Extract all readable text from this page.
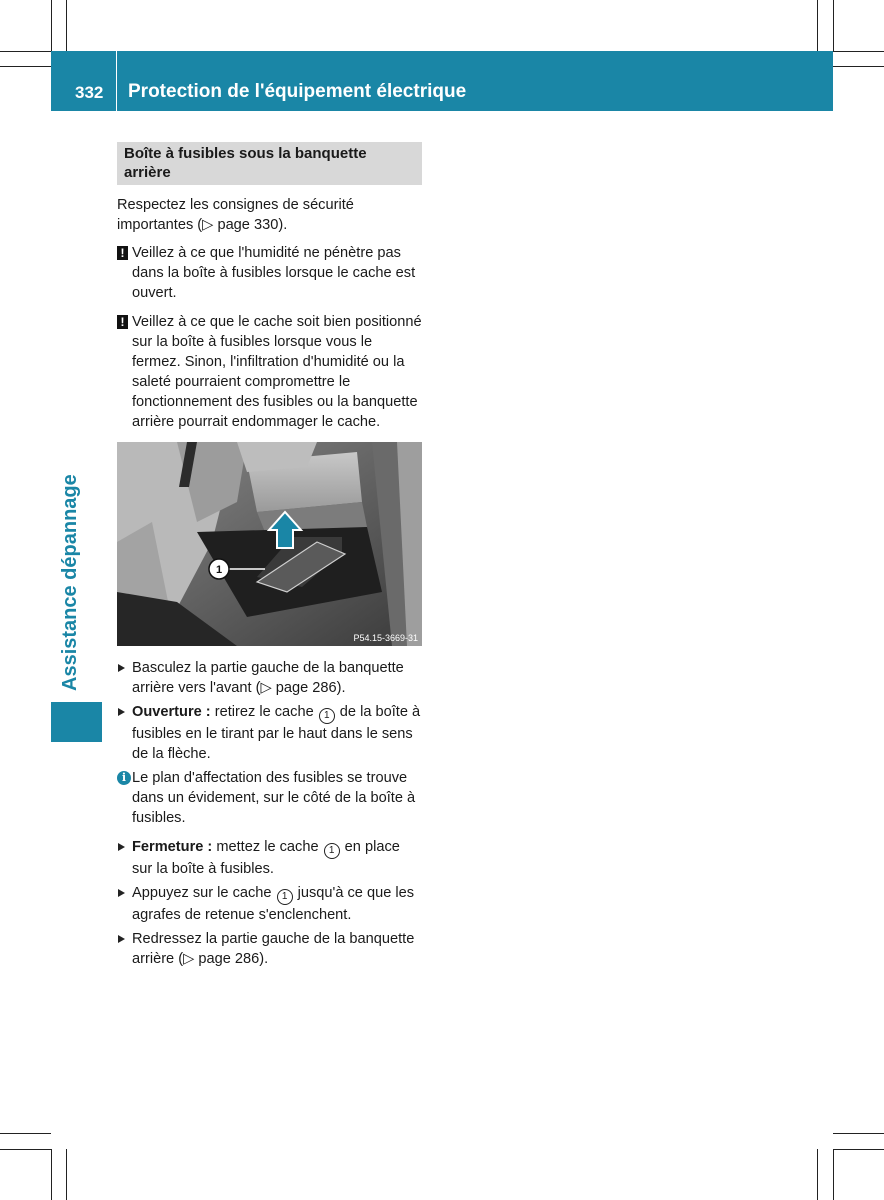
332 Protection de l'équipement électrique
Assistance dépannage
Boîte à fusibles sous la banquette arrière

Respectez les consignes de sécurité importantes (▷ page 330).

! Veillez à ce que l'humidité ne pénètre pas dans la boîte à fusibles lorsque le cache est ouvert.
! Veillez à ce que le cache soit bien positionné sur la boîte à fusibles lorsque vous le fermez. Sinon, l'infiltration d'humidité ou la saleté pourraient compromettre le fonctionnement des fusibles ou la banquette arrière pourrait endommager le cache.
1
P54.15-3669-31
Basculez la partie gauche de la banquette arrière vers l'avant (▷ page 286).
Ouverture : retirez le cache 1 de la boîte à fusibles en le tirant par le haut dans le sens de la flèche.
i Le plan d'affectation des fusibles se trouve dans un évidement, sur le côté de la boîte à fusibles.
Fermeture : mettez le cache 1 en place sur la boîte à fusibles.
Appuyez sur le cache 1 jusqu'à ce que les agrafes de retenue s'enclenchent.
Redressez la partie gauche de la banquette arrière (▷ page 286).
